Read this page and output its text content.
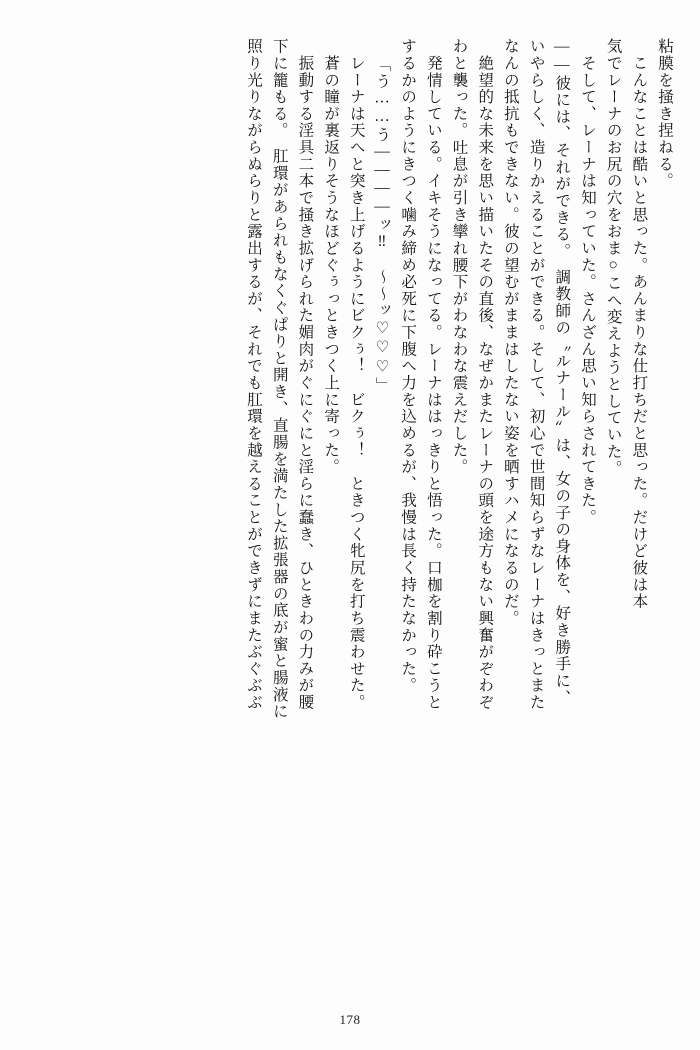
粘膜を掻き捏ねる。
　こんなことは酷いと思った。あんまりな仕打ちだと思った。だけど彼は本
気でレーナのお尻の穴をおま○こへ変えようとしていた。
　そして、レーナは知っていた。さんざん思い知らされてきた。
――彼には、それができる。　調教師の〝ルナール〟は、女の子の身体を、好き勝手に、
いやらしく、造りかえることができる。そして、初心で世間知らずなレーナはきっとまた
なんの抵抗もできない。彼の望むがままはしたない姿を晒すハメになるのだ。
　絶望的な未来を思い描いたその直後、なぜかまたレーナの頭を途方もない興奮がぞわぞ
わと襲った。吐息が引き攣れ腰下がわなわな震えだした。
　発情している。イキそうになってる。レーナははっきりと悟った。口枷を割り砕こうと
するかのようにきつく噛み締め必死に下腹へ力を込めるが、我慢は長く持たなかった。
「う……う――――ッ‼　～～ッ♡♡♡」
　レーナは天へと突き上げるようにビクぅ！　ビクぅ！　ときつく牝尻を打ち震わせた。
　蒼の瞳が裏返りそうなほどぐぅっときつく上に寄った。
　振動する淫具二本で掻き拡げられた媚肉がぐにぐにと淫らに蠢き、ひときわの力みが腰
下に籠もる。　肛環があられもなくぐぱりと開き、直腸を満たした拡張器の底が蜜と腸液に
照り光りながらぬらりと露出するが、それでも肛環を越えることができずにまたぶぐぶぶ
178
